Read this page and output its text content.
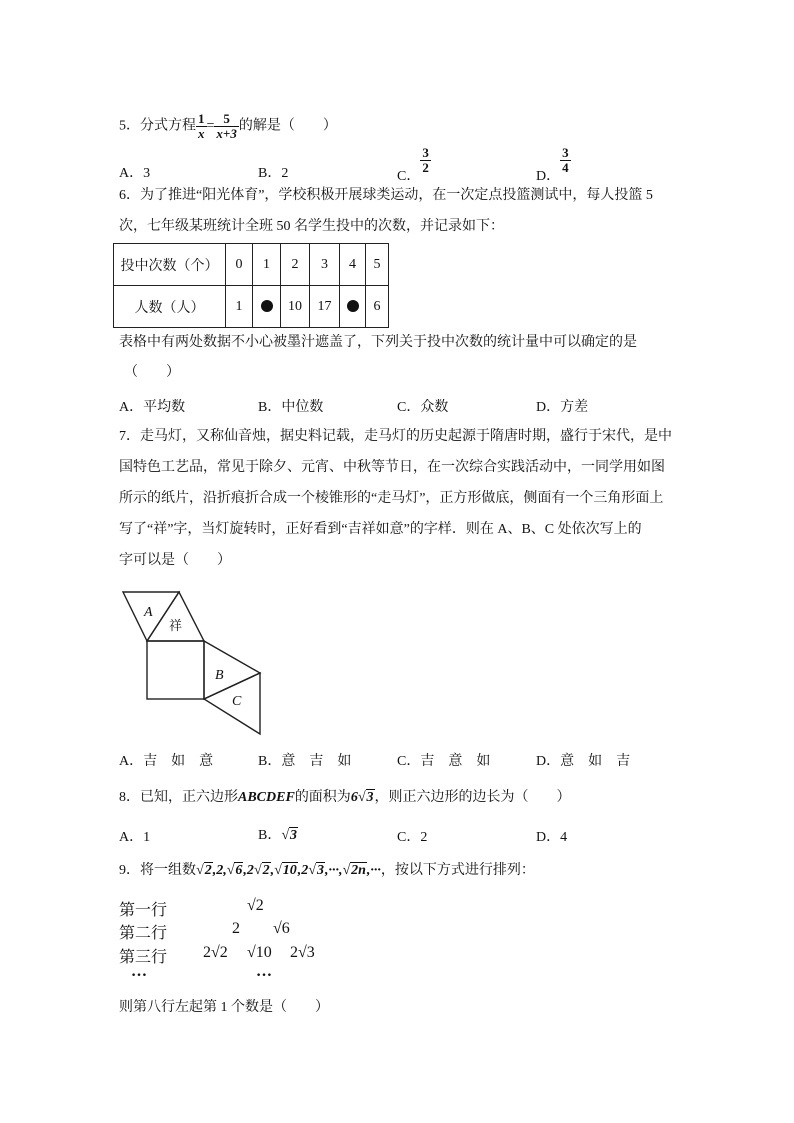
5．分式方程 $\frac{1}{x} = \frac{5}{x+3}$ 的解是（　　）
A．3	B．2	C．
$\frac{3}{2}$
D．
$\frac{3}{4}$
6．为了推进“阳光体育”，学校积极开展球类运动，在一次定点投篮测试中，每人投篮 5
次，七年级某班统计全班 50 名学生投中的次数，并记录如下：
投中次数（个）	0	1	2	3	4	5
人数（人）	1		10	17		6
表格中有两处数据不小心被墨汁遮盖了，下列关于投中次数的统计量中可以确定的是
（　　）
A．平均数	B．中位数	C．众数	D．方差
7．走马灯，又称仙音烛，据史料记载，走马灯的历史起源于隋唐时期，盛行于宋代，是中
国特色工艺品，常见于除夕、元宵、中秋等节日，在一次综合实践活动中，一同学用如图
所示的纸片，沿折痕折合成一个棱锥形的“走马灯”，正方形做底，侧面有一个三角形面上
写了“祥”字，当灯旋转时，正好看到“吉祥如意”的字样．则在 A、B、C 处依次写上的
字可以是（　　）
A
祥
B
C
A．吉　如　意	B．意　吉　如	C．吉　意　如	D．意　如　吉
8．已知，正六边形ABCDEF的面积为6√3，则正六边形的边长为（　　）
A．1	B．√3	C．2	D．4
9．将一组数√2,2,√6,2√2,√10,2√3,···,√2n,···，按以下方式进行排列：
第一行	√2
第二行	2 √6
第三行 2√2 √10 2√3
…	…
则第八行左起第 1 个数是（　　）
